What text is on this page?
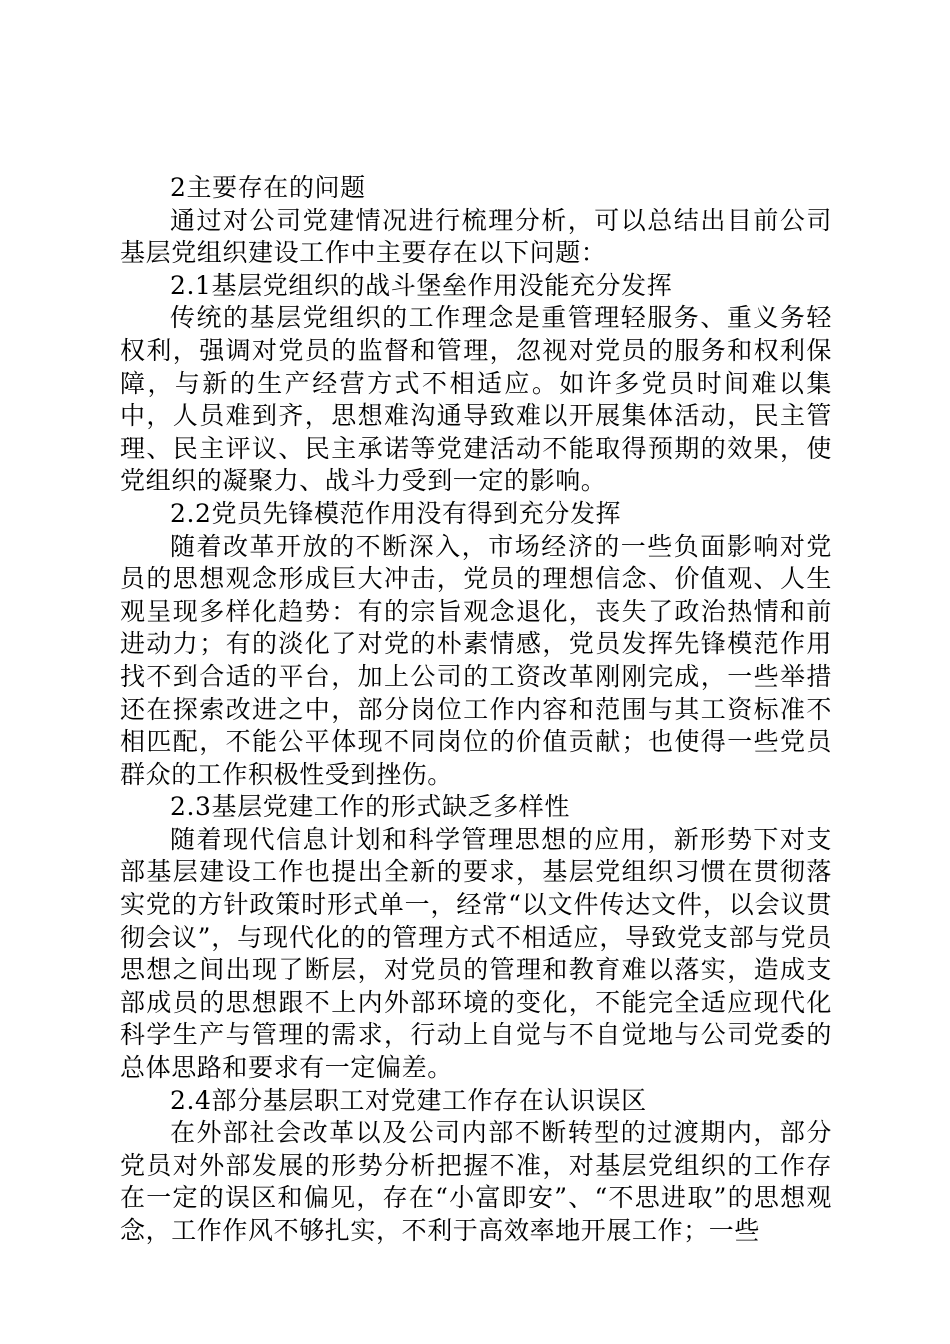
2主要存在的问题

通过对公司党建情况进行梳理分析，可以总结出目前公司基层党组织建设工作中主要存在以下问题：

2.1基层党组织的战斗堡垒作用没能充分发挥

传统的基层党组织的工作理念是重管理轻服务、重义务轻权利，强调对党员的监督和管理，忽视对党员的服务和权利保障，与新的生产经营方式不相适应。如许多党员时间难以集中，人员难到齐，思想难沟通导致难以开展集体活动，民主管理、民主评议、民主承诺等党建活动不能取得预期的效果，使党组织的凝聚力、战斗力受到一定的影响。

2.2党员先锋模范作用没有得到充分发挥

随着改革开放的不断深入，市场经济的一些负面影响对党员的思想观念形成巨大冲击，党员的理想信念、价值观、人生观呈现多样化趋势：有的宗旨观念退化，丧失了政治热情和前进动力；有的淡化了对党的朴素情感，党员发挥先锋模范作用找不到合适的平台，加上公司的工资改革刚刚完成，一些举措还在探索改进之中，部分岗位工作内容和范围与其工资标准不相匹配，不能公平体现不同岗位的价值贡献；也使得一些党员群众的工作积极性受到挫伤。

2.3基层党建工作的形式缺乏多样性

随着现代信息计划和科学管理思想的应用，新形势下对支部基层建设工作也提出全新的要求，基层党组织习惯在贯彻落实党的方针政策时形式单一，经常“以文件传达文件，以会议贯彻会议”，与现代化的的管理方式不相适应，导致党支部与党员思想之间出现了断层，对党员的管理和教育难以落实，造成支部成员的思想跟不上内外部环境的变化，不能完全适应现代化科学生产与管理的需求，行动上自觉与不自觉地与公司党委的总体思路和要求有一定偏差。

2.4部分基层职工对党建工作存在认识误区

在外部社会改革以及公司内部不断转型的过渡期内，部分党员对外部发展的形势分析把握不准，对基层党组织的工作存在一定的误区和偏见，存在“小富即安”、“不思进取”的思想观念，工作作风不够扎实，不利于高效率地开展工作；一些
